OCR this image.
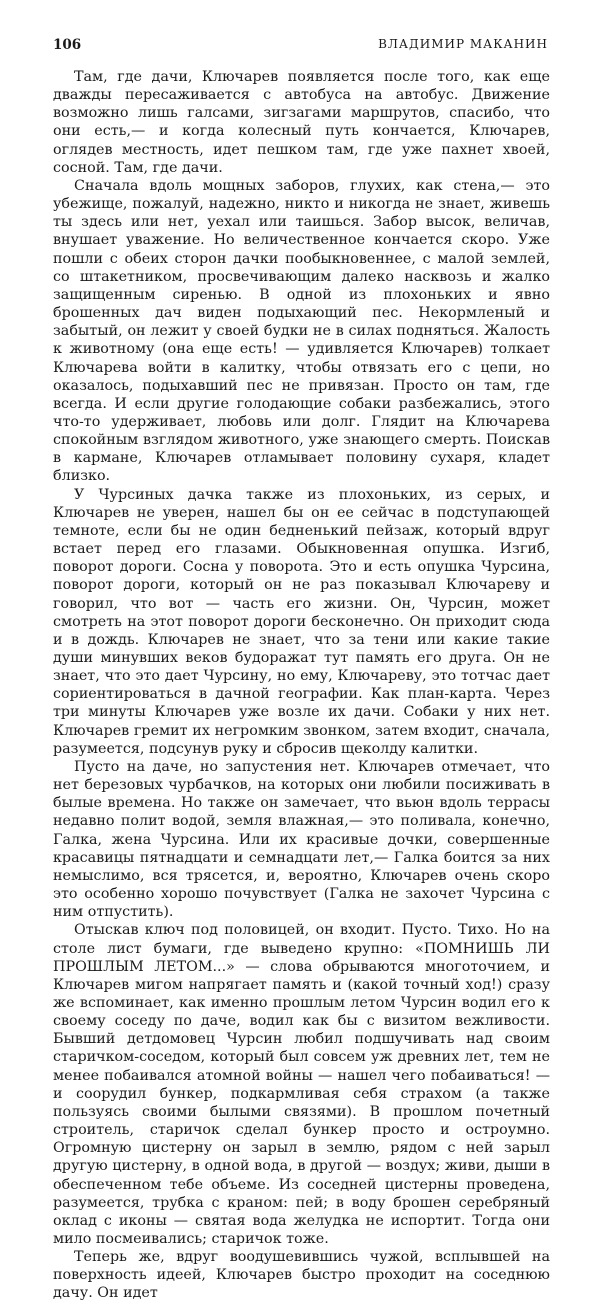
106	ВЛАДИМИР МАКАНИН

Там, где дачи, Ключарев появляется после того, как еще дважды пересаживается с автобуса на автобус. Движение возможно лишь галсами, зигзагами маршрутов, спасибо, что они есть,— и когда колесный путь кончается, Ключарев, оглядев местность, идет пешком там, где уже пахнет хвоей, сосной. Там, где дачи.

Сначала вдоль мощных заборов, глухих, как стена,— это убежище, пожалуй, надежно, никто и никогда не знает, живешь ты здесь или нет, уехал или таишься. Забор высок, величав, внушает уважение. Но величественное кончается скоро. Уже пошли с обеих сторон дачки пообыкновеннее, с малой землей, со штакетником, просвечивающим далеко насквозь и жалко защищенным сиренью. В одной из плохоньких и явно брошенных дач виден подыхающий пес. Некормленый и забытый, он лежит у своей будки не в силах подняться. Жалость к животному (она еще есть! — удивляется Ключарев) толкает Ключарева войти в калитку, чтобы отвязать его с цепи, но оказалось, подыхавший пес не привязан. Просто он там, где всегда. И если другие голодающие собаки разбежались, этого что-то удерживает, любовь или долг. Глядит на Ключарева спокойным взглядом животного, уже знающего смерть. Поискав в кармане, Ключарев отламывает половину сухаря, кладет близко.

У Чурсиных дачка также из плохоньких, из серых, и Ключарев не уверен, нашел бы он ее сейчас в подступающей темноте, если бы не один бедненький пейзаж, который вдруг встает перед его глазами. Обыкновенная опушка. Изгиб, поворот дороги. Сосна у поворота. Это и есть опушка Чурсина, поворот дороги, который он не раз показывал Ключареву и говорил, что вот — часть его жизни. Он, Чурсин, может смотреть на этот поворот дороги бесконечно. Он приходит сюда и в дождь. Ключарев не знает, что за тени или какие такие души минувших веков будоражат тут память его друга. Он не знает, что это дает Чурсину, но ему, Ключареву, это тотчас дает сориентироваться в дачной географии. Как план-карта. Через три минуты Ключарев уже возле их дачи. Собаки у них нет. Ключарев гремит их негромким звонком, затем входит, сначала, разумеется, подсунув руку и сбросив щеколду калитки.

Пусто на даче, но запустения нет. Ключарев отмечает, что нет березовых чурбачков, на которых они любили посиживать в былые времена. Но также он замечает, что вьюн вдоль террасы недавно полит водой, земля влажная,— это поливала, конечно, Галка, жена Чурсина. Или их красивые дочки, совершенные красавицы пятнадцати и семнадцати лет,— Галка боится за них немыслимо, вся трясется, и, вероятно, Ключарев очень скоро это особенно хорошо почувствует (Галка не захочет Чурсина с ним отпустить).

Отыскав ключ под половицей, он входит. Пусто. Тихо. Но на столе лист бумаги, где выведено крупно: «ПОМНИШЬ ЛИ ПРОШЛЫМ ЛЕТОМ...» — слова обрываются многоточием, и Ключарев мигом напрягает память и (какой точный ход!) сразу же вспоминает, как именно прошлым летом Чурсин водил его к своему соседу по даче, водил как бы с визитом вежливости. Бывший детдомовец Чурсин любил подшучивать над своим старичком-соседом, который был совсем уж древних лет, тем не менее побаивался атомной войны — нашел чего побаиваться! — и соорудил бункер, подкармливая себя страхом (а также пользуясь своими былыми связями). В прошлом почетный строитель, старичок сделал бункер просто и остроумно. Огромную цистерну он зарыл в землю, рядом с ней зарыл другую цистерну, в одной вода, в другой — воздух; живи, дыши в обеспеченном тебе объеме. Из соседней цистерны проведена, разумеется, трубка с краном: пей; в воду брошен серебряный оклад с иконы — святая вода желудка не испортит. Тогда они мило посмеивались; старичок тоже.

Теперь же, вдруг воодушевившись чужой, всплывшей на поверхность идеей, Ключарев быстро проходит на соседнюю дачу. Он идет
